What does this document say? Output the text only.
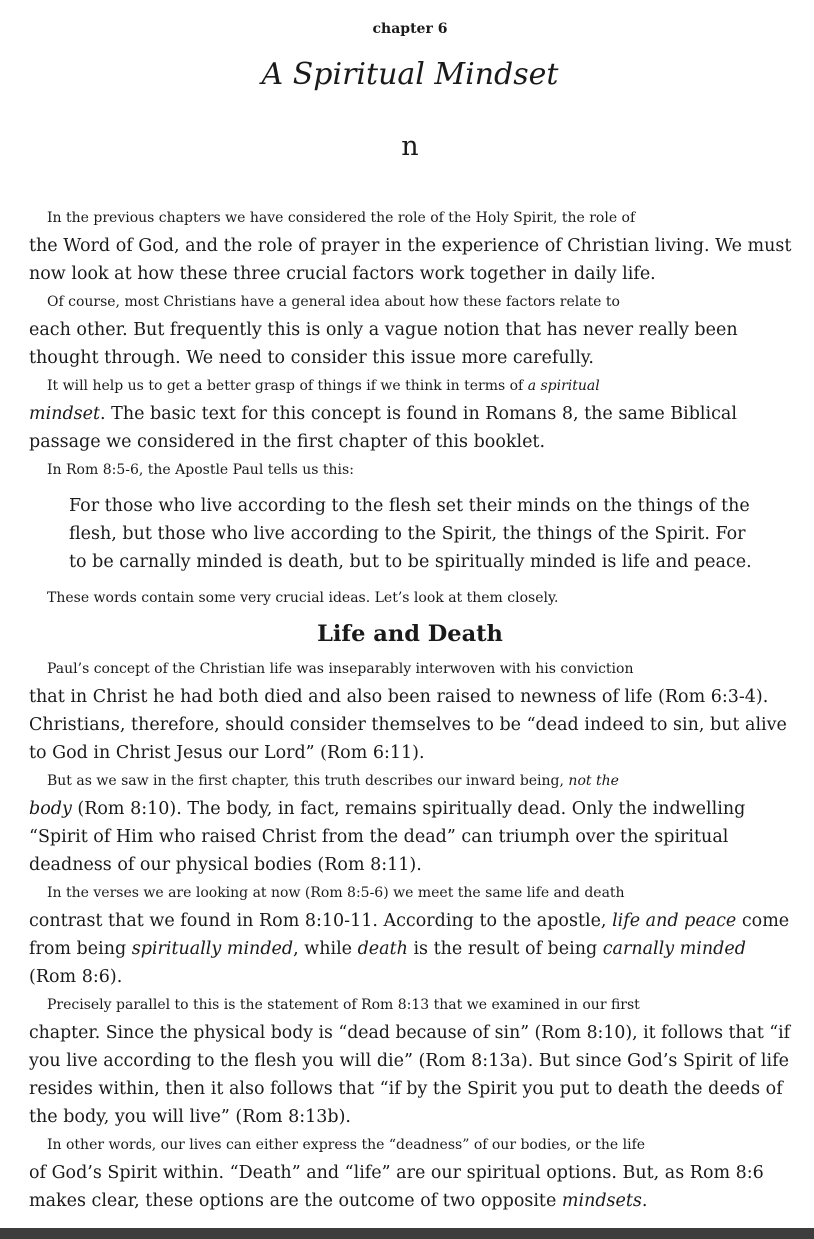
chapter 6
A Spiritual Mindset
n

In the previous chapters we have considered the role of the Holy Spirit, the role of
the Word of God, and the role of prayer in the experience of Christian living. We must
now look at how these three crucial factors work together in daily life.

Of course, most Christians have a general idea about how these factors relate to
each other. But frequently this is only a vague notion that has never really been
thought through. We need to consider this issue more carefully.

It will help us to get a better grasp of things if we think in terms of a spiritual
mindset. The basic text for this concept is found in Romans 8, the same Biblical
passage we considered in the first chapter of this booklet.

In Rom 8:5-6, the Apostle Paul tells us this:

For those who live according to the flesh set their minds on the things of the
flesh, but those who live according to the Spirit, the things of the Spirit. For
to be carnally minded is death, but to be spiritually minded is life and peace.

These words contain some very crucial ideas. Let’s look at them closely.

Life and Death

Paul’s concept of the Christian life was inseparably interwoven with his conviction
that in Christ he had both died and also been raised to newness of life (Rom 6:3-4).
Christians, therefore, should consider themselves to be “dead indeed to sin, but alive
to God in Christ Jesus our Lord” (Rom 6:11).

But as we saw in the first chapter, this truth describes our inward being, not the
body (Rom 8:10). The body, in fact, remains spiritually dead. Only the indwelling
“Spirit of Him who raised Christ from the dead” can triumph over the spiritual
deadness of our physical bodies (Rom 8:11).

In the verses we are looking at now (Rom 8:5-6) we meet the same life and death
contrast that we found in Rom 8:10-11. According to the apostle, life and peace come
from being spiritually minded, while death is the result of being carnally minded
(Rom 8:6).

Precisely parallel to this is the statement of Rom 8:13 that we examined in our first
chapter. Since the physical body is “dead because of sin” (Rom 8:10), it follows that “if
you live according to the flesh you will die” (Rom 8:13a). But since God’s Spirit of life
resides within, then it also follows that “if by the Spirit you put to death the deeds of
the body, you will live” (Rom 8:13b).

In other words, our lives can either express the “deadness” of our bodies, or the life
of God’s Spirit within. “Death” and “life” are our spiritual options. But, as Rom 8:6
makes clear, these options are the outcome of two opposite mindsets.
